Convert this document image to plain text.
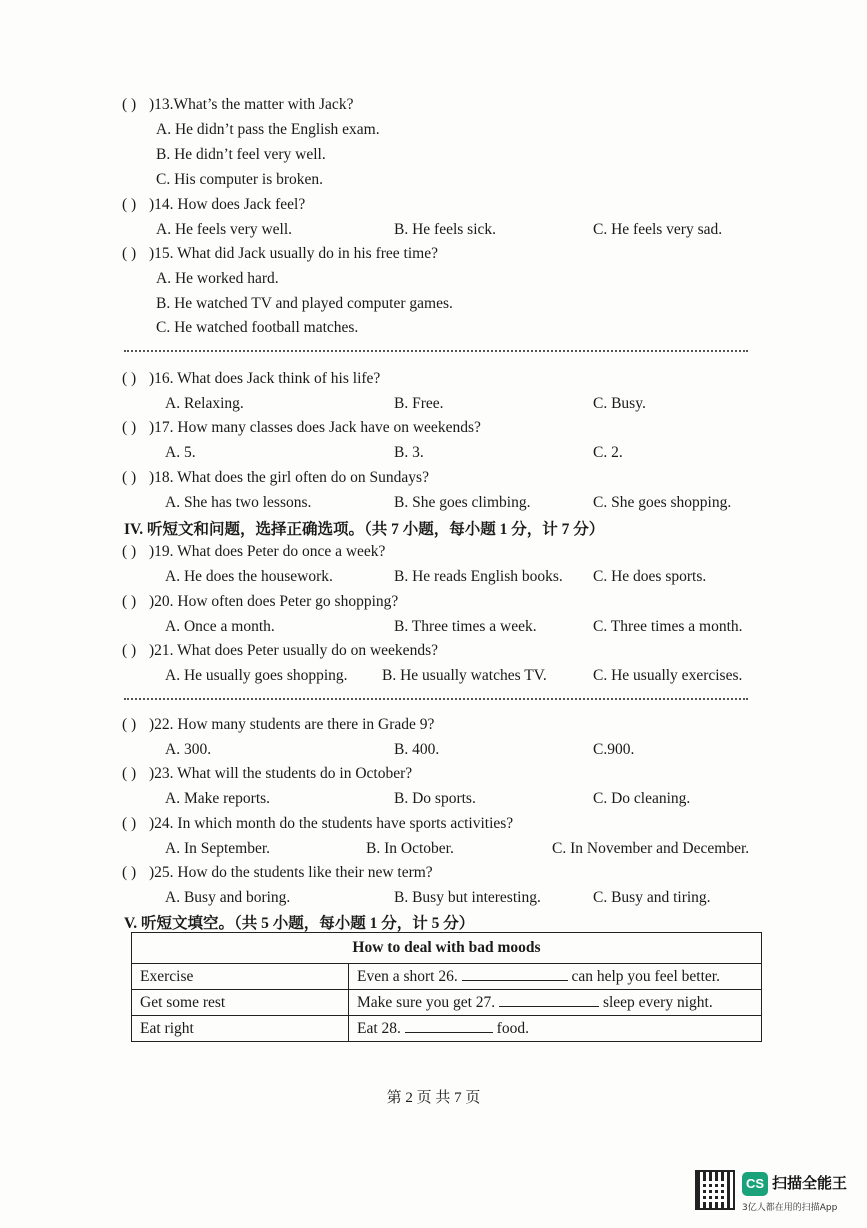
( ) )13.What’s the matter with Jack?
A. He didn’t pass the English exam.
B. He didn’t feel very well.
C. His computer is broken.
( ) )14. How does Jack feel?
A. He feels very well.	B. He feels sick.	C. He feels very sad.
( ) )15. What did Jack usually do in his free time?
A. He worked hard.
B. He watched TV and played computer games.
C. He watched football matches.
( ) )16. What does Jack think of his life?
A. Relaxing.	B. Free.	C. Busy.
( ) )17. How many classes does Jack have on weekends?
A. 5.	B. 3.	C. 2.
( ) )18. What does the girl often do on Sundays?
A. She has two lessons.	B. She goes climbing.	C. She goes shopping.
IV. 听短文和问题，选择正确选项。（共 7 小题，每小题 1 分，计 7 分）
( ) )19. What does Peter do once a week?
A. He does the housework.	B. He reads English books. C. He does sports.
( ) )20. How often does Peter go shopping?
A. Once a month.	B. Three times a week.	C. Three times a month.
( ) )21. What does Peter usually do on weekends?
A. He usually goes shopping. B. He usually watches TV.	C. He usually exercises.
( ) )22. How many students are there in Grade 9?
A. 300.	B. 400.	C.900.
( ) )23. What will the students do in October?
A. Make reports.	B. Do sports.	C. Do cleaning.
( ) )24. In which month do the students have sports activities?
A. In September.	B. In October.	C. In November and December.
( ) )25. How do the students like their new term?
A. Busy and boring.	B. Busy but interesting.	C. Busy and tiring.
V. 听短文填空。（共 5 小题，每小题 1 分，计 5 分）
How to deal with bad moods	
Exercise	Even a short 26. can help you feel better.
Get some rest	Make sure you get 27. sleep every night.
Eat right	Eat 28. food.
第 2 页 共 7 页
CS 扫描全能王
3亿人都在用的扫描App
